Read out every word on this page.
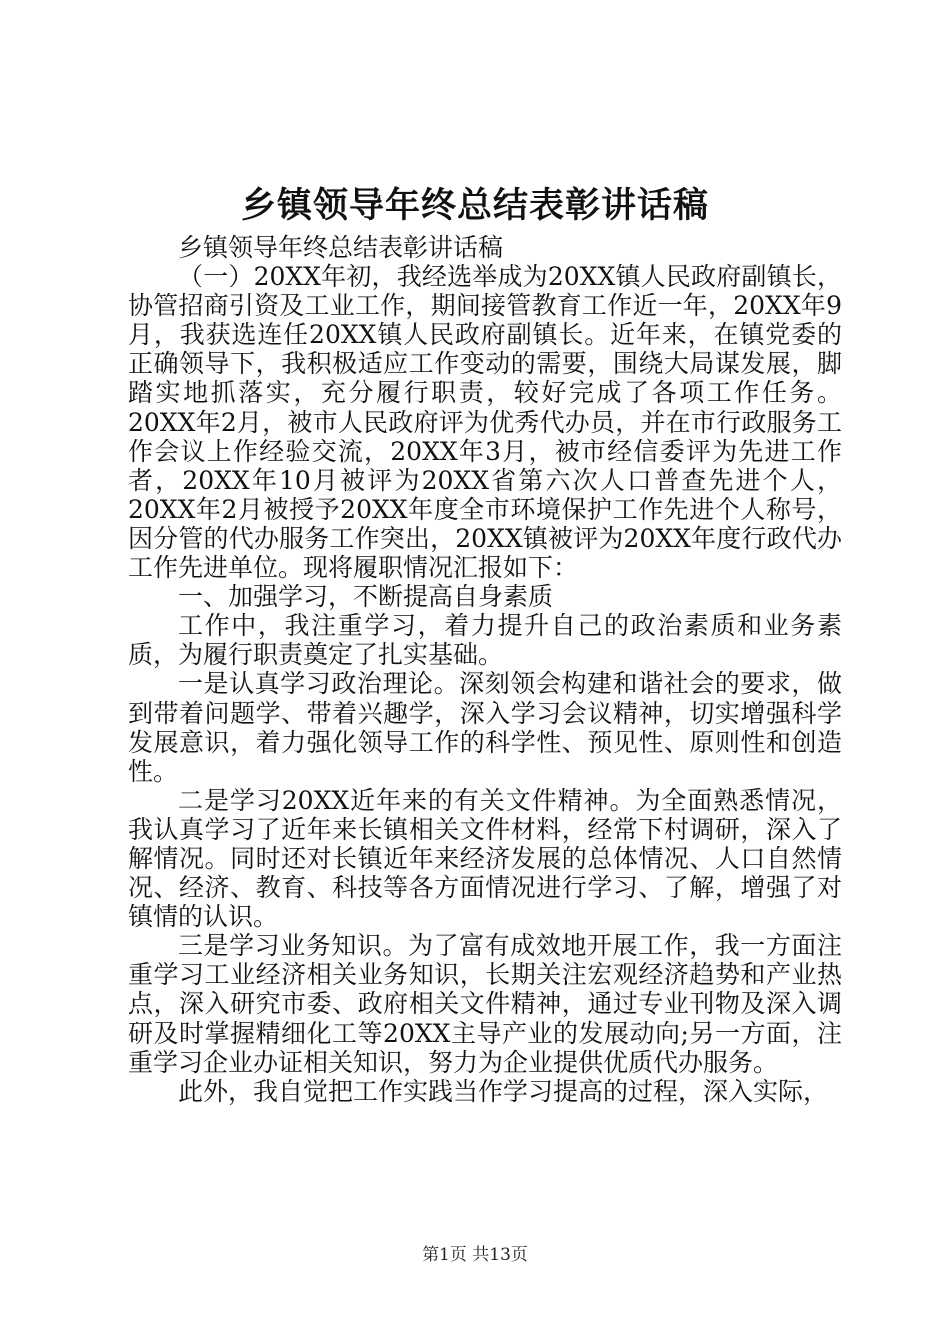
乡镇领导年终总结表彰讲话稿

乡镇领导年终总结表彰讲话稿

（一）20XX年初，我经选举成为20XX镇人民政府副镇长，协管招商引资及工业工作，期间接管教育工作近一年，20XX年9月，我获选连任20XX镇人民政府副镇长。近年来，在镇党委的正确领导下，我积极适应工作变动的需要，围绕大局谋发展，脚踏实地抓落实，充分履行职责，较好完成了各项工作任务。20XX年2月，被市人民政府评为优秀代办员，并在市行政服务工作会议上作经验交流，20XX年3月，被市经信委评为先进工作者，20XX年10月被评为20XX省第六次人口普查先进个人，20XX年2月被授予20XX年度全市环境保护工作先进个人称号，因分管的代办服务工作突出，20XX镇被评为20XX年度行政代办工作先进单位。现将履职情况汇报如下：

一、加强学习，不断提高自身素质

工作中，我注重学习，着力提升自己的政治素质和业务素质，为履行职责奠定了扎实基础。

一是认真学习政治理论。深刻领会构建和谐社会的要求，做到带着问题学、带着兴趣学，深入学习会议精神，切实增强科学发展意识，着力强化领导工作的科学性、预见性、原则性和创造性。

二是学习20XX近年来的有关文件精神。为全面熟悉情况，我认真学习了近年来长镇相关文件材料，经常下村调研，深入了解情况。同时还对长镇近年来经济发展的总体情况、人口自然情况、经济、教育、科技等各方面情况进行学习、了解，增强了对镇情的认识。

三是学习业务知识。为了富有成效地开展工作，我一方面注重学习工业经济相关业务知识，长期关注宏观经济趋势和产业热点，深入研究市委、政府相关文件精神，通过专业刊物及深入调研及时掌握精细化工等20XX主导产业的发展动向;另一方面，注重学习企业办证相关知识，努力为企业提供优质代办服务。

此外，我自觉把工作实践当作学习提高的过程，深入实际，

第1页 共13页
